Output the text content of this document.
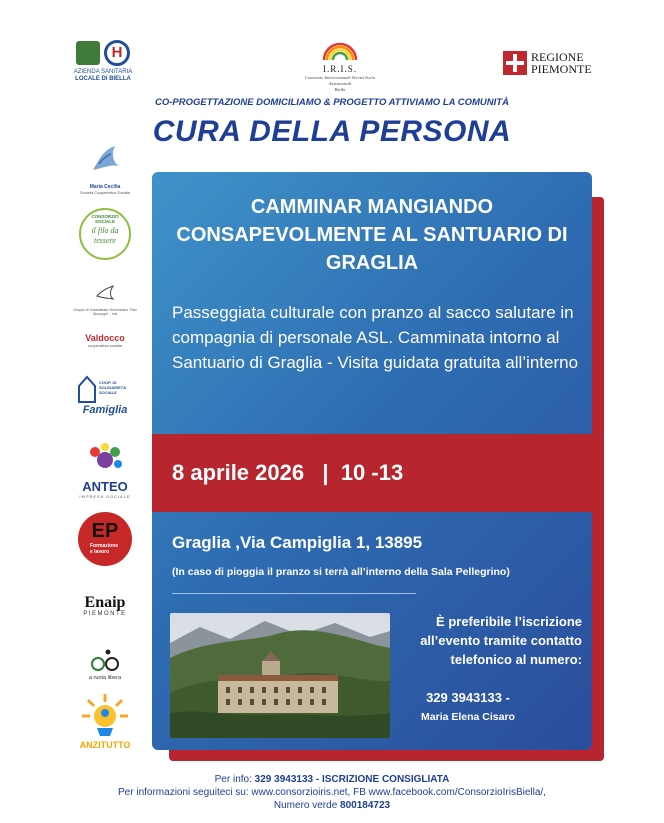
H
AZIENDA SANITARIA
LOCALE DI BIELLA
I.R.I.S.
Consorzio Intercomunale Servizi Socio Assistenziali
Biella
REGIONE
PIEMONTE
CO-PROGETTAZIONE DOMICILIAMO & PROGETTO ATTIVIAMO LA COMUNITÀ
CURA DELLA PERSONA
Maria Cecilia
Società Cooperativa Sociale
CONSORZIO SOCIALE
il filo da tessere
Gruppo di Volontariato Vincenziano "San Giuseppe" - Ivis
Valdocco
cooperativa sociale
COOP. DI SOLIDARIETÀ SOCIALE
Famiglia
ANTEO
IMPRESA SOCIALE
EP
Formazione
e lavoro
Enaip
PIEMONTE
a ruota libera
ANZITUTTO
CAMMINAR MANGIANDO CONSAPEVOLMENTE AL SANTUARIO DI GRAGLIA
Passeggiata culturale con pranzo al sacco salutare in compagnia di personale ASL. Camminata intorno al Santuario di Graglia - Visita guidata gratuita all’interno
8 aprile 2026   |  10 -13
Graglia ,Via Campiglia 1, 13895
(In caso di pioggia il pranzo si terrà all’interno della Sala Pellegrino)
È preferibile l’iscrizione all’evento tramite contatto telefonico al numero:
329 3943133 -
Maria Elena Cisaro
Per info: 329 3943133 - ISCRIZIONE CONSIGLIATA
Per informazioni seguiteci su: www.consorzioiris.net, FB www.facebook.com/ConsorzioIrisBiella/,
Numero verde 800184723
